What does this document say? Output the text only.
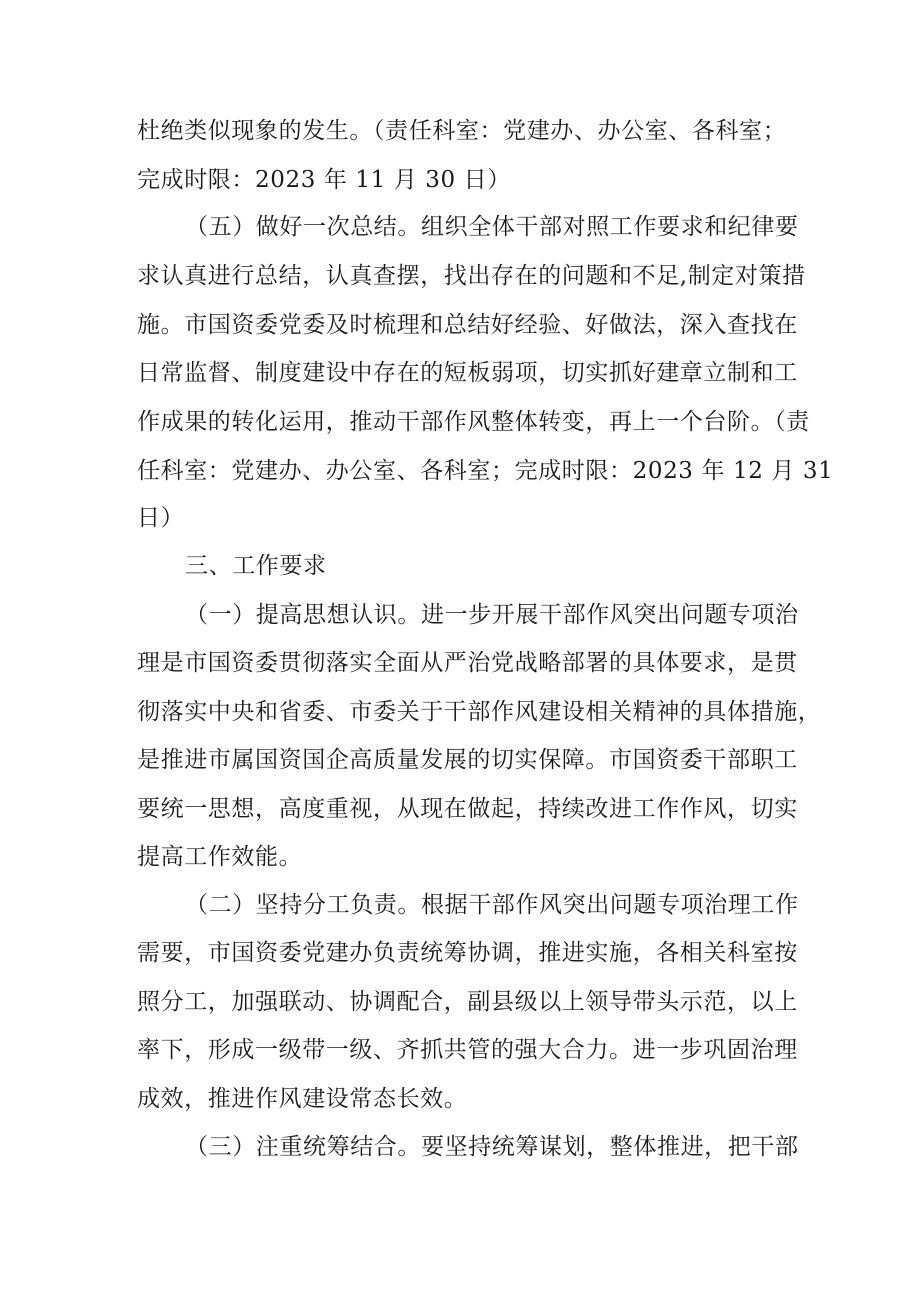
杜绝类似现象的发生。（责任科室：党建办、办公室、各科室；
完成时限：2023 年 11 月 30 日）
（五）做好一次总结。组织全体干部对照工作要求和纪律要
求认真进行总结，认真查摆，找出存在的问题和不足,制定对策措
施。市国资委党委及时梳理和总结好经验、好做法，深入查找在
日常监督、制度建设中存在的短板弱项，切实抓好建章立制和工
作成果的转化运用，推动干部作风整体转变，再上一个台阶。（责
任科室：党建办、办公室、各科室；完成时限：2023 年 12 月 31
日）
三、工作要求
（一）提高思想认识。进一步开展干部作风突出问题专项治
理是市国资委贯彻落实全面从严治党战略部署的具体要求，是贯
彻落实中央和省委、市委关于干部作风建设相关精神的具体措施，
是推进市属国资国企高质量发展的切实保障。市国资委干部职工
要统一思想，高度重视，从现在做起，持续改进工作作风，切实
提高工作效能。
（二）坚持分工负责。根据干部作风突出问题专项治理工作
需要，市国资委党建办负责统筹协调，推进实施，各相关科室按
照分工，加强联动、协调配合，副县级以上领导带头示范，以上
率下，形成一级带一级、齐抓共管的强大合力。进一步巩固治理
成效，推进作风建设常态长效。
（三）注重统筹结合。要坚持统筹谋划，整体推进，把干部
